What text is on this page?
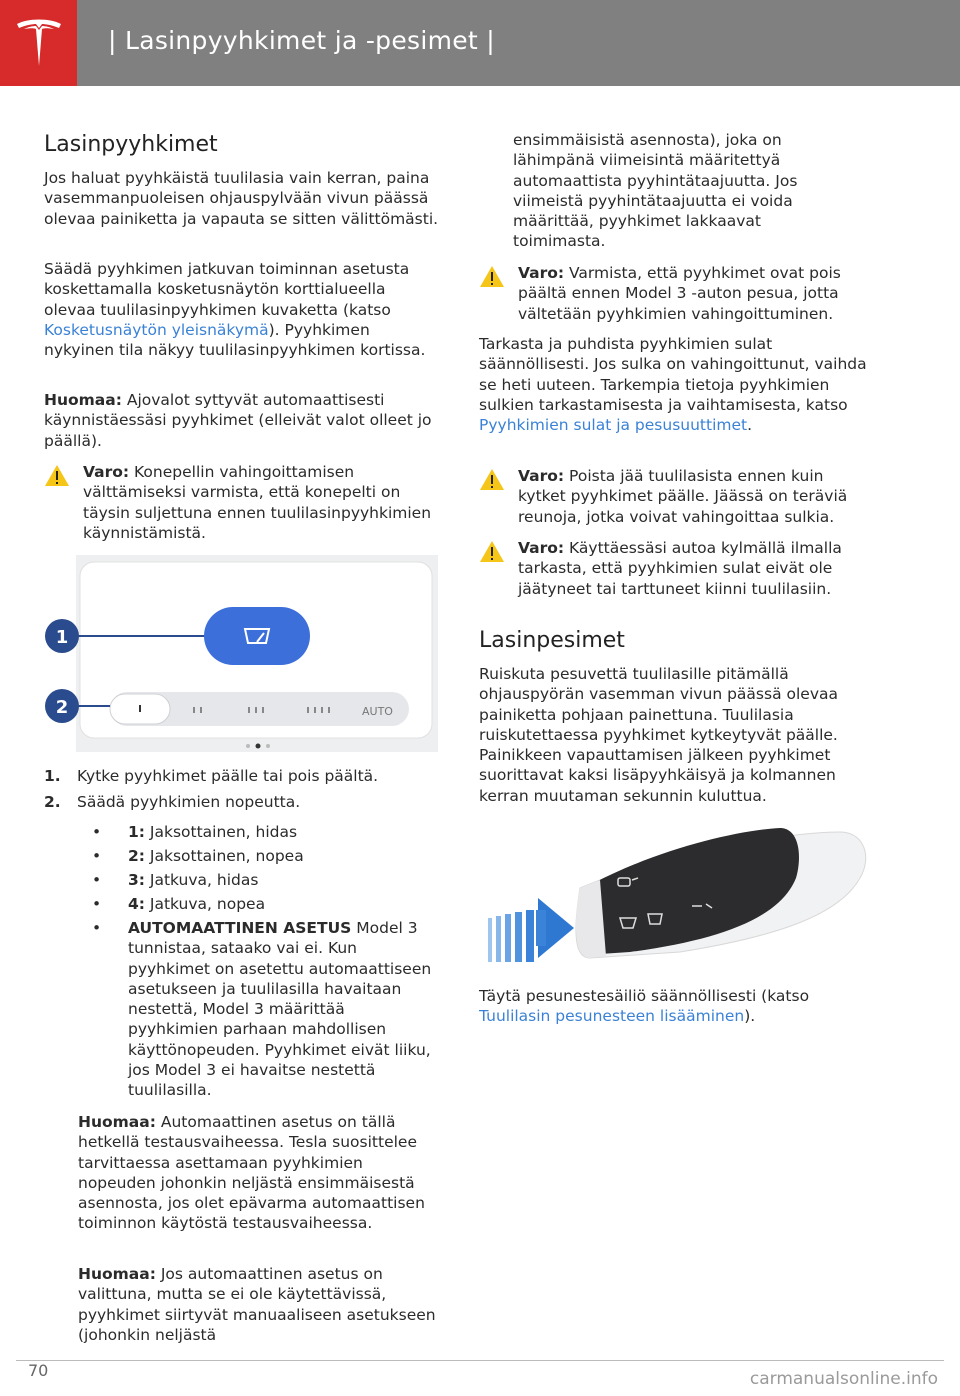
| Lasinpyyhkimet ja -pesimet |
Lasinpyyhkimet

Jos haluat pyyhkäistä tuulilasia vain kerran, paina vasemmanpuoleisen ohjauspylvään vivun päässä olevaa painiketta ja vapauta se sitten välittömästi.

Säädä pyyhkimen jatkuvan toiminnan asetusta koskettamalla kosketusnäytön korttialueella olevaa tuulilasinpyyhkimen kuvaketta (katso Kosketusnäytön yleisnäkymä). Pyyhkimen nykyinen tila näkyy tuulilasinpyyhkimen kortissa.

Huomaa: Ajovalot syttyvät automaattisesti käynnistäessäsi pyyhkimet (elleivät valot olleet jo päällä).

Varo: Konepellin vahingoittamisen välttämiseksi varmista, että konepelti on täysin suljettuna ennen tuulilasinpyyhkimien käynnistämistä.
AUTO
1
2
1. Kytke pyyhkimet päälle tai pois päältä.
2. Säädä pyyhkimien nopeutta.
• 1: Jaksottainen, hidas
• 2: Jaksottainen, nopea
• 3: Jatkuva, hidas
• 4: Jatkuva, nopea
• AUTOMAATTINEN ASETUS Model 3 tunnistaa, sataako vai ei. Kun pyyhkimet on asetettu automaattiseen asetukseen ja tuulilasilla havaitaan nestettä, Model 3 määrittää pyyhkimien parhaan mahdollisen käyttönopeuden. Pyyhkimet eivät liiku, jos Model 3 ei havaitse nestettä tuulilasilla.

Huomaa: Automaattinen asetus on tällä hetkellä testausvaiheessa. Tesla suosittelee tarvittaessa asettamaan pyyhkimien nopeuden johonkin neljästä ensimmäisestä asennosta, jos olet epävarma automaattisen toiminnon käytöstä testausvaiheessa.

Huomaa: Jos automaattinen asetus on valittuna, mutta se ei ole käytettävissä, pyyhkimet siirtyvät manuaaliseen asetukseen (johonkin neljästä

ensimmäisistä asennosta), joka on lähimpänä viimeisintä määritettyä automaattista pyyhintätaajuutta. Jos viimeistä pyyhintätaajuutta ei voida määrittää, pyyhkimet lakkaavat toimimasta.

Varo: Varmista, että pyyhkimet ovat pois päältä ennen Model 3 -auton pesua, jotta vältetään pyyhkimien vahingoittuminen.

Tarkasta ja puhdista pyyhkimien sulat säännöllisesti. Jos sulka on vahingoittunut, vaihda se heti uuteen. Tarkempia tietoja pyyhkimien sulkien tarkastamisesta ja vaihtamisesta, katso Pyyhkimien sulat ja pesusuuttimet.

Varo: Poista jää tuulilasista ennen kuin kytket pyyhkimet päälle. Jäässä on teräviä reunoja, jotka voivat vahingoittaa sulkia.
Varo: Käyttäessäsi autoa kylmällä ilmalla tarkasta, että pyyhkimien sulat eivät ole jäätyneet tai tarttuneet kiinni tuulilasiin.
Lasinpesimet

Ruiskuta pesuvettä tuulilasille pitämällä ohjauspyörän vasemman vivun päässä olevaa painiketta pohjaan painettuna. Tuulilasia ruiskutettaessa pyyhkimet kytkeytyvät päälle. Painikkeen vapauttamisen jälkeen pyyhkimet suorittavat kaksi lisäpyyhkäisyä ja kolmannen kerran muutaman sekunnin kuluttua.

Täytä pesunestesäiliö säännöllisesti (katso Tuulilasin pesunesteen lisääminen).

70	carmanualsonline.info
